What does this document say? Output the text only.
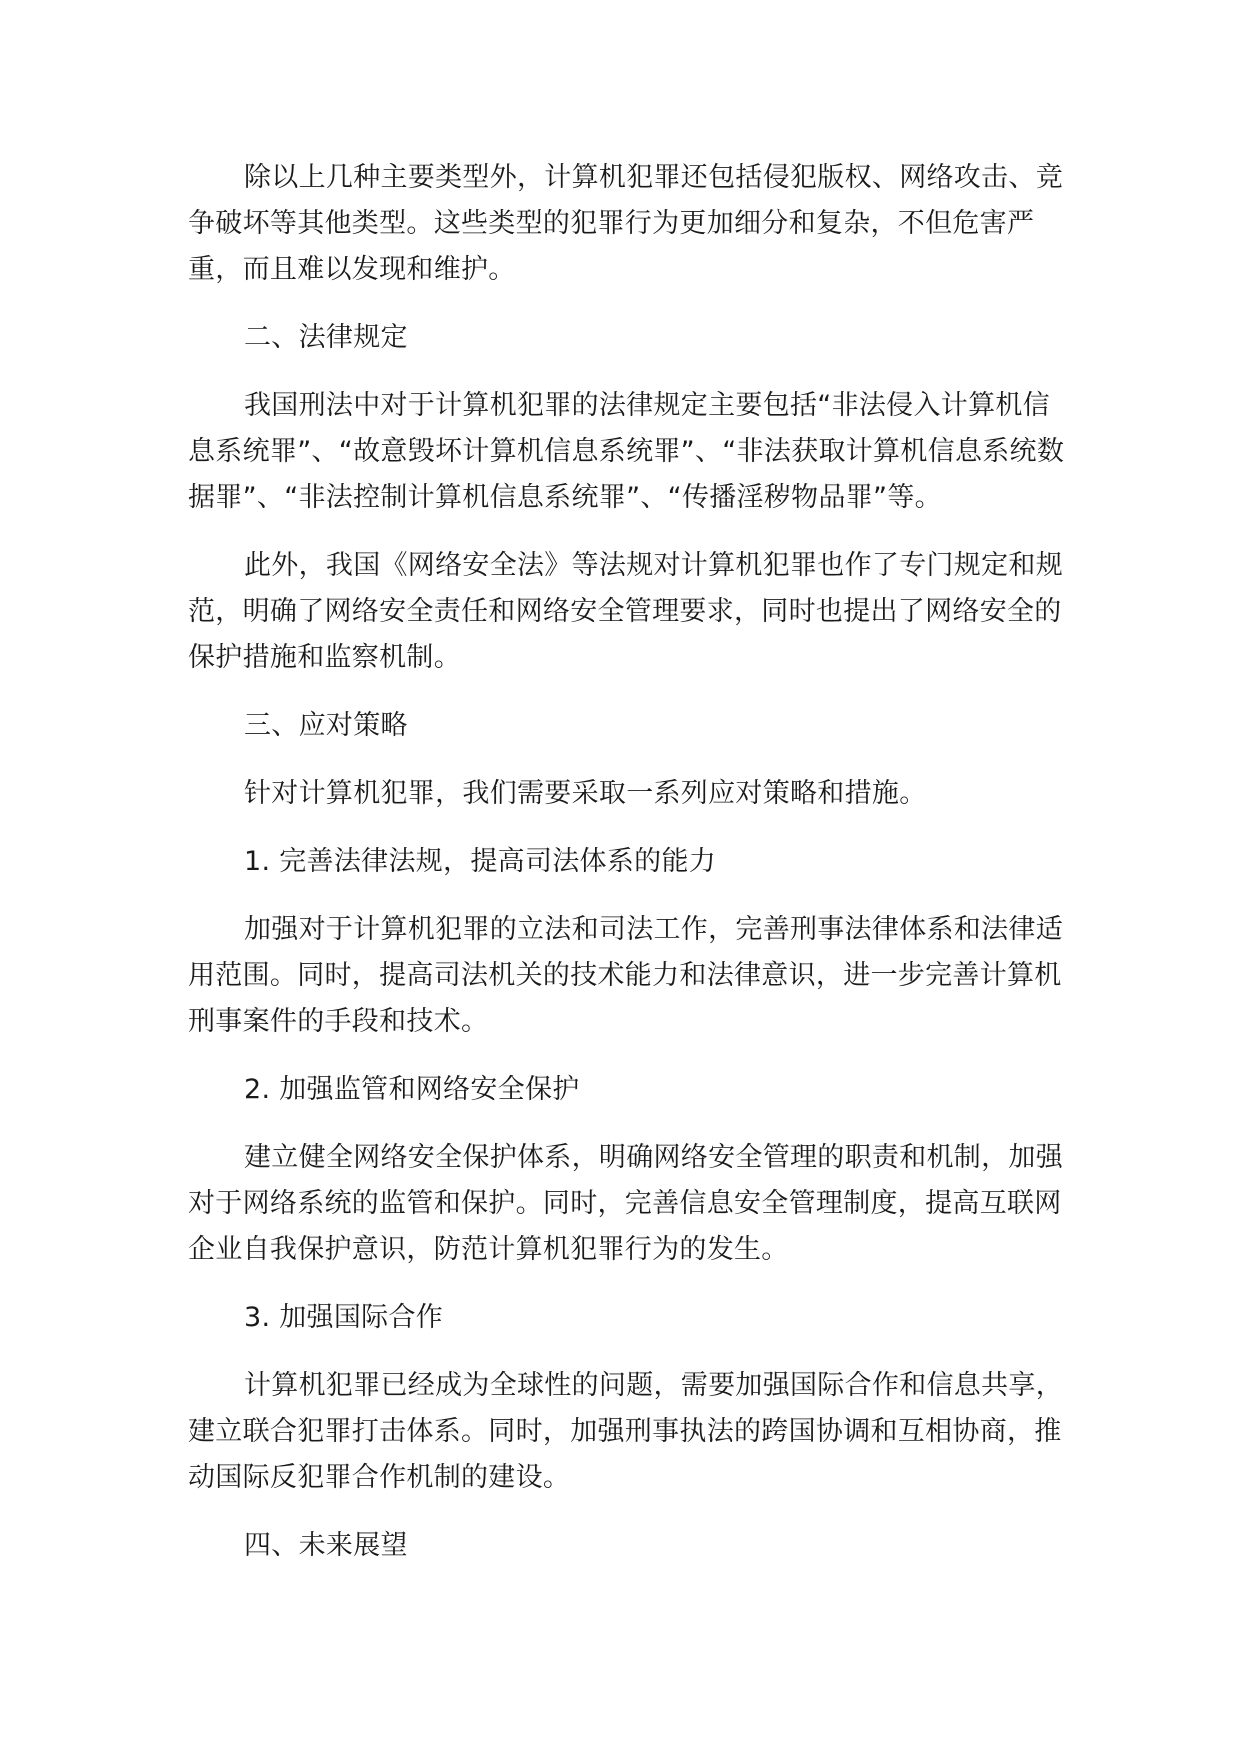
除以上几种主要类型外，计算机犯罪还包括侵犯版权、网络攻击、竞争破坏等其他类型。这些类型的犯罪行为更加细分和复杂，不但危害严重，而且难以发现和维护。

二、法律规定

我国刑法中对于计算机犯罪的法律规定主要包括“非法侵入计算机信息系统罪”、“故意毁坏计算机信息系统罪”、“非法获取计算机信息系统数据罪”、“非法控制计算机信息系统罪”、“传播淫秽物品罪”等。

此外，我国《网络安全法》等法规对计算机犯罪也作了专门规定和规范，明确了网络安全责任和网络安全管理要求，同时也提出了网络安全的保护措施和监察机制。

三、应对策略

针对计算机犯罪，我们需要采取一系列应对策略和措施。

1. 完善法律法规，提高司法体系的能力

加强对于计算机犯罪的立法和司法工作，完善刑事法律体系和法律适用范围。同时，提高司法机关的技术能力和法律意识，进一步完善计算机刑事案件的手段和技术。

2. 加强监管和网络安全保护

建立健全网络安全保护体系，明确网络安全管理的职责和机制，加强对于网络系统的监管和保护。同时，完善信息安全管理制度，提高互联网企业自我保护意识，防范计算机犯罪行为的发生。

3. 加强国际合作

计算机犯罪已经成为全球性的问题，需要加强国际合作和信息共享，建立联合犯罪打击体系。同时，加强刑事执法的跨国协调和互相协商，推动国际反犯罪合作机制的建设。

四、未来展望
